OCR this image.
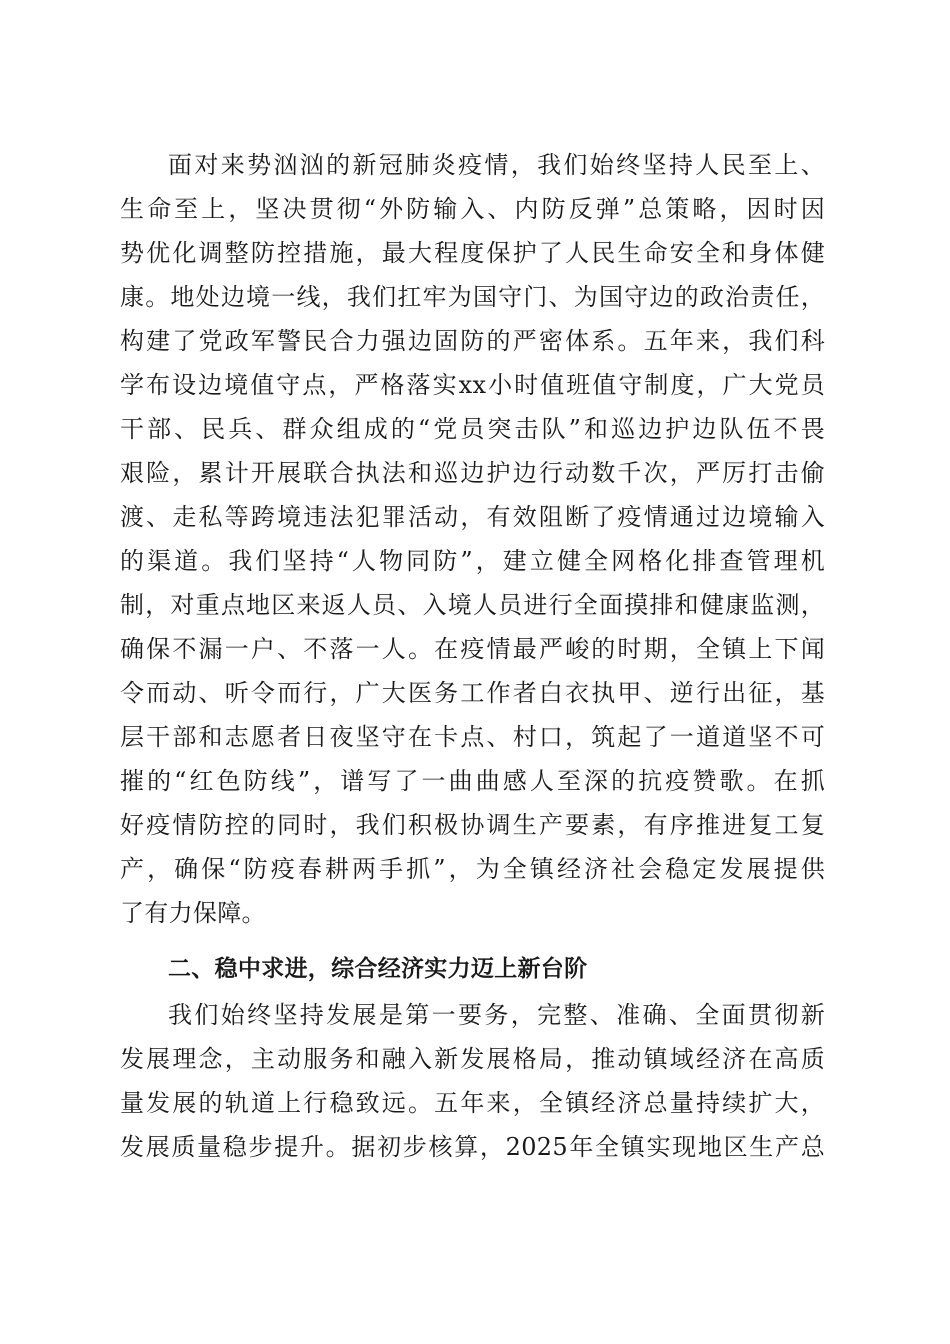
面对来势汹汹的新冠肺炎疫情，我们始终坚持人民至上、
生命至上，坚决贯彻“外防输入、内防反弹”总策略，因时因
势优化调整防控措施，最大程度保护了人民生命安全和身体健
康。地处边境一线，我们扛牢为国守门、为国守边的政治责任，
构建了党政军警民合力强边固防的严密体系。五年来，我们科
学布设边境值守点，严格落实xx小时值班值守制度，广大党员
干部、民兵、群众组成的“党员突击队”和巡边护边队伍不畏
艰险，累计开展联合执法和巡边护边行动数千次，严厉打击偷
渡、走私等跨境违法犯罪活动，有效阻断了疫情通过边境输入
的渠道。我们坚持“人物同防”，建立健全网格化排查管理机
制，对重点地区来返人员、入境人员进行全面摸排和健康监测，
确保不漏一户、不落一人。在疫情最严峻的时期，全镇上下闻
令而动、听令而行，广大医务工作者白衣执甲、逆行出征，基
层干部和志愿者日夜坚守在卡点、村口，筑起了一道道坚不可
摧的“红色防线”，谱写了一曲曲感人至深的抗疫赞歌。在抓
好疫情防控的同时，我们积极协调生产要素，有序推进复工复
产，确保“防疫春耕两手抓”，为全镇经济社会稳定发展提供
了有力保障。
二、稳中求进，综合经济实力迈上新台阶
我们始终坚持发展是第一要务，完整、准确、全面贯彻新
发展理念，主动服务和融入新发展格局，推动镇域经济在高质
量发展的轨道上行稳致远。五年来，全镇经济总量持续扩大，
发展质量稳步提升。据初步核算，2025年全镇实现地区生产总
